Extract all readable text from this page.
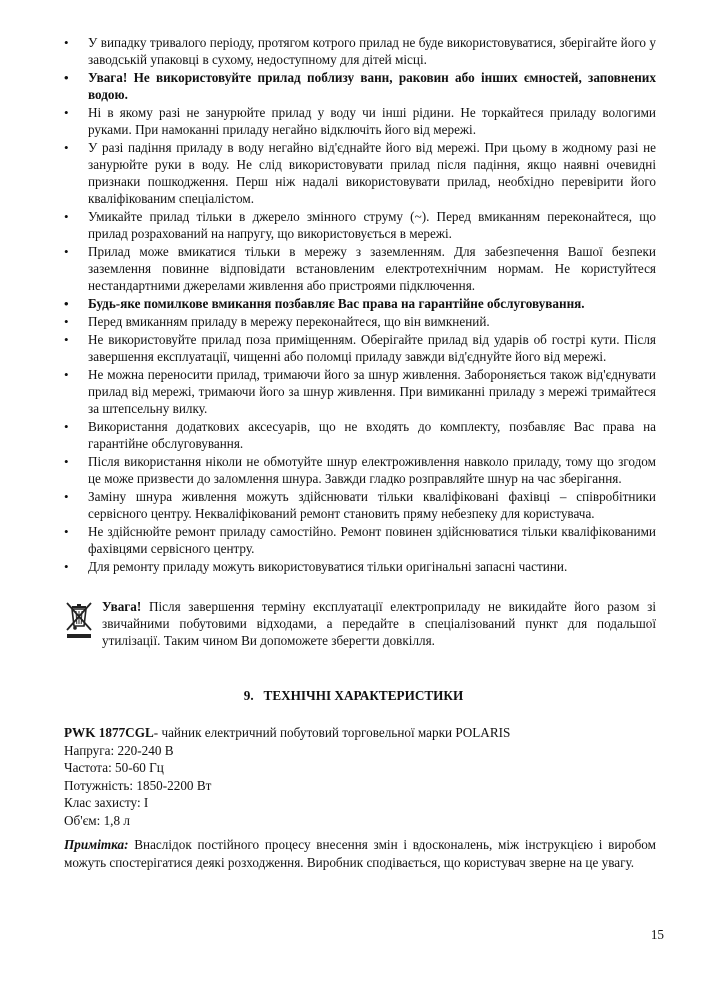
• У випадку тривалого періоду, протягом котрого прилад не буде використовуватися, зберігайте його у заводській упаковці в сухому, недоступному для дітей місці.
• Увага! Не використовуйте прилад поблизу ванн, раковин або інших ємностей, заповнених водою.
• Ні в якому разі не занурюйте прилад у воду чи інші рідини. Не торкайтеся приладу вологими руками. При намоканні приладу негайно відключіть його від мережі.
• У разі падіння приладу в воду негайно від'єднайте його від мережі. При цьому в жодному разі не занурюйте руки в воду. Не слід використовувати прилад після падіння, якщо наявні очевидні признаки пошкодження. Перш ніж надалі використовувати прилад, необхідно перевірити його кваліфікованим спеціалістом.
• Умикайте прилад тільки в джерело змінного струму (~). Перед вмиканням переконайтеся, що прилад розрахований на напругу, що використовується в мережі.
• Прилад може вмикатися тільки в мережу з заземленням. Для забезпечення Вашої безпеки заземлення повинне відповідати встановленим електротехнічним нормам. Не користуйтеся нестандартними джерелами живлення або пристроями підключення.
• Будь-яке помилкове вмикання позбавляє Вас права на гарантійне обслуговування.
• Перед вмиканням приладу в мережу переконайтеся, що він вимкнений.
• Не використовуйте прилад поза приміщенням. Оберігайте прилад від ударів об гострі кути. Після завершення експлуатації, чищенні або поломці приладу завжди від'єднуйте його від мережі.
• Не можна переносити прилад, тримаючи його за шнур живлення. Забороняється також від'єднувати прилад від мережі, тримаючи його за шнур живлення. При вимиканні приладу з мережі тримайтеся за штепсельну вилку.
• Використання додаткових аксесуарів, що не входять до комплекту, позбавляє Вас права на гарантійне обслуговування.
• Після використання ніколи не обмотуйте шнур електроживлення навколо приладу, тому що згодом це може призвести до заломлення шнура. Завжди гладко розправляйте шнур на час зберігання.
• Заміну шнура живлення можуть здійснювати тільки кваліфіковані фахівці – співробітники сервісного центру. Некваліфікований ремонт становить пряму небезпеку для користувача.
• Не здійснюйте ремонт приладу самостійно. Ремонт повинен здійснюватися тільки кваліфікованими фахівцями сервісного центру.
• Для ремонту приладу можуть використовуватися тільки оригінальні запасні частини.
Увага! Після завершення терміну експлуатації електроприладу не викидайте його разом зі звичайними побутовими відходами, а передайте в спеціалізований пункт для подальшої утилізації. Таким чином Ви допоможете зберегти довкілля.
9. ТЕХНІЧНІ ХАРАКТЕРИСТИКИ
PWK 1877CGL- чайник електричний побутовий торговельної марки POLARIS
Напруга: 220-240 В
Частота: 50-60 Гц
Потужність: 1850-2200 Вт
Клас захисту: I
Об'єм: 1,8 л
Примітка: Внаслідок постійного процесу внесення змін і вдосконалень, між інструкцією і виробом можуть спостерігатися деякі розходження. Виробник сподівається, що користувач зверне на це увагу.
15
